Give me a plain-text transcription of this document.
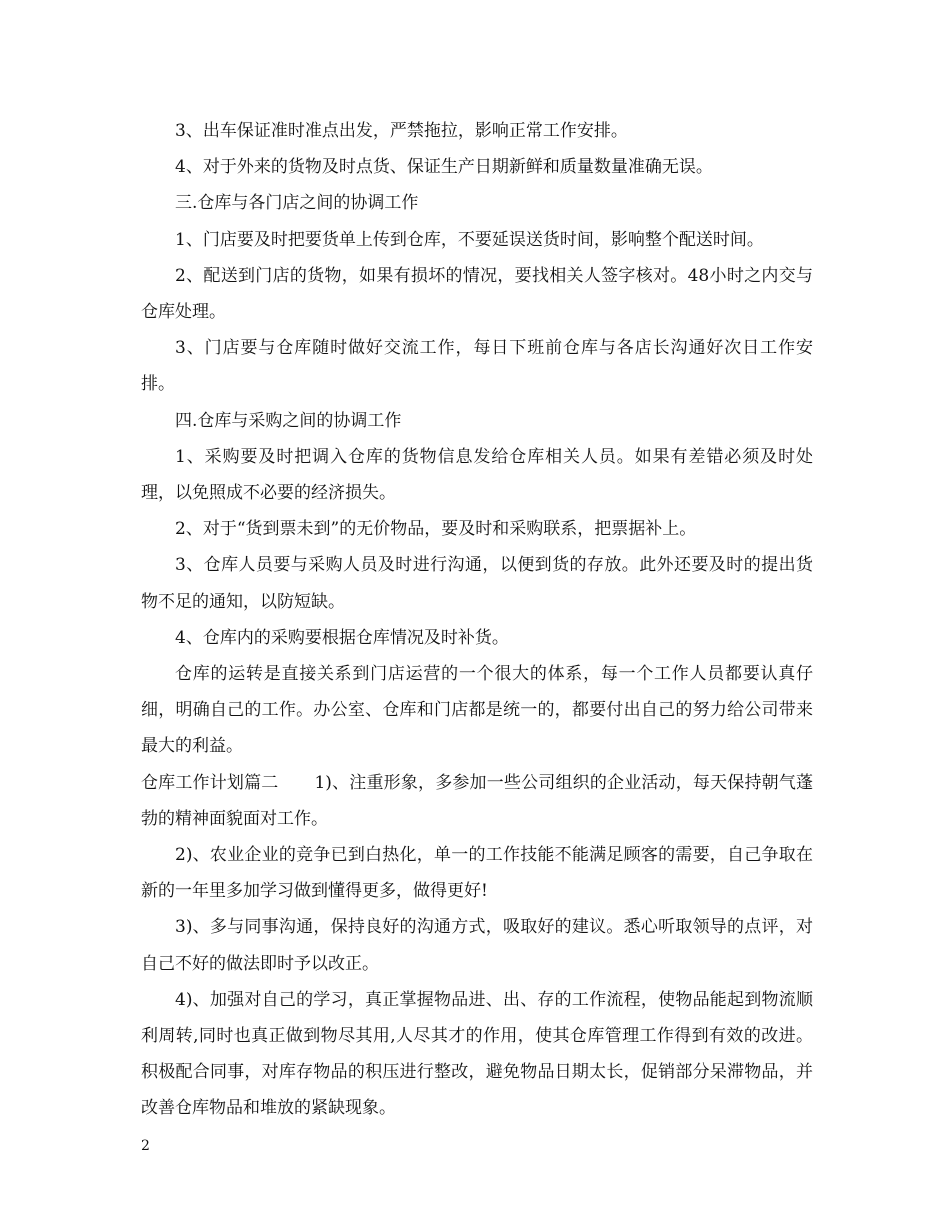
3、出车保证准时准点出发，严禁拖拉，影响正常工作安排。

4、对于外来的货物及时点货、保证生产日期新鲜和质量数量准确无误。

三.仓库与各门店之间的协调工作

1、门店要及时把要货单上传到仓库，不要延误送货时间，影响整个配送时间。

2、配送到门店的货物，如果有损坏的情况，要找相关人签字核对。48小时之内交与仓库处理。

3、门店要与仓库随时做好交流工作，每日下班前仓库与各店长沟通好次日工作安排。

四.仓库与采购之间的协调工作

1、采购要及时把调入仓库的货物信息发给仓库相关人员。如果有差错必须及时处理，以免照成不必要的经济损失。

2、对于“货到票未到”的无价物品，要及时和采购联系，把票据补上。

3、仓库人员要与采购人员及时进行沟通，以便到货的存放。此外还要及时的提出货物不足的通知，以防短缺。

4、仓库内的采购要根据仓库情况及时补货。

仓库的运转是直接关系到门店运营的一个很大的体系，每一个工作人员都要认真仔细，明确自己的工作。办公室、仓库和门店都是统一的，都要付出自己的努力给公司带来最大的利益。

仓库工作计划篇二 1)、注重形象，多参加一些公司组织的企业活动，每天保持朝气蓬勃的精神面貌面对工作。

2)、农业企业的竞争已到白热化，单一的工作技能不能满足顾客的需要，自己争取在新的一年里多加学习做到懂得更多，做得更好!

3)、多与同事沟通，保持良好的沟通方式，吸取好的建议。悉心听取领导的点评，对自己不好的做法即时予以改正。

4)、加强对自己的学习，真正掌握物品进、出、存的工作流程，使物品能起到物流顺利周转,同时也真正做到物尽其用,人尽其才的作用，使其仓库管理工作得到有效的改进。积极配合同事，对库存物品的积压进行整改，避免物品日期太长，促销部分呆滞物品，并改善仓库物品和堆放的紧缺现象。

2
